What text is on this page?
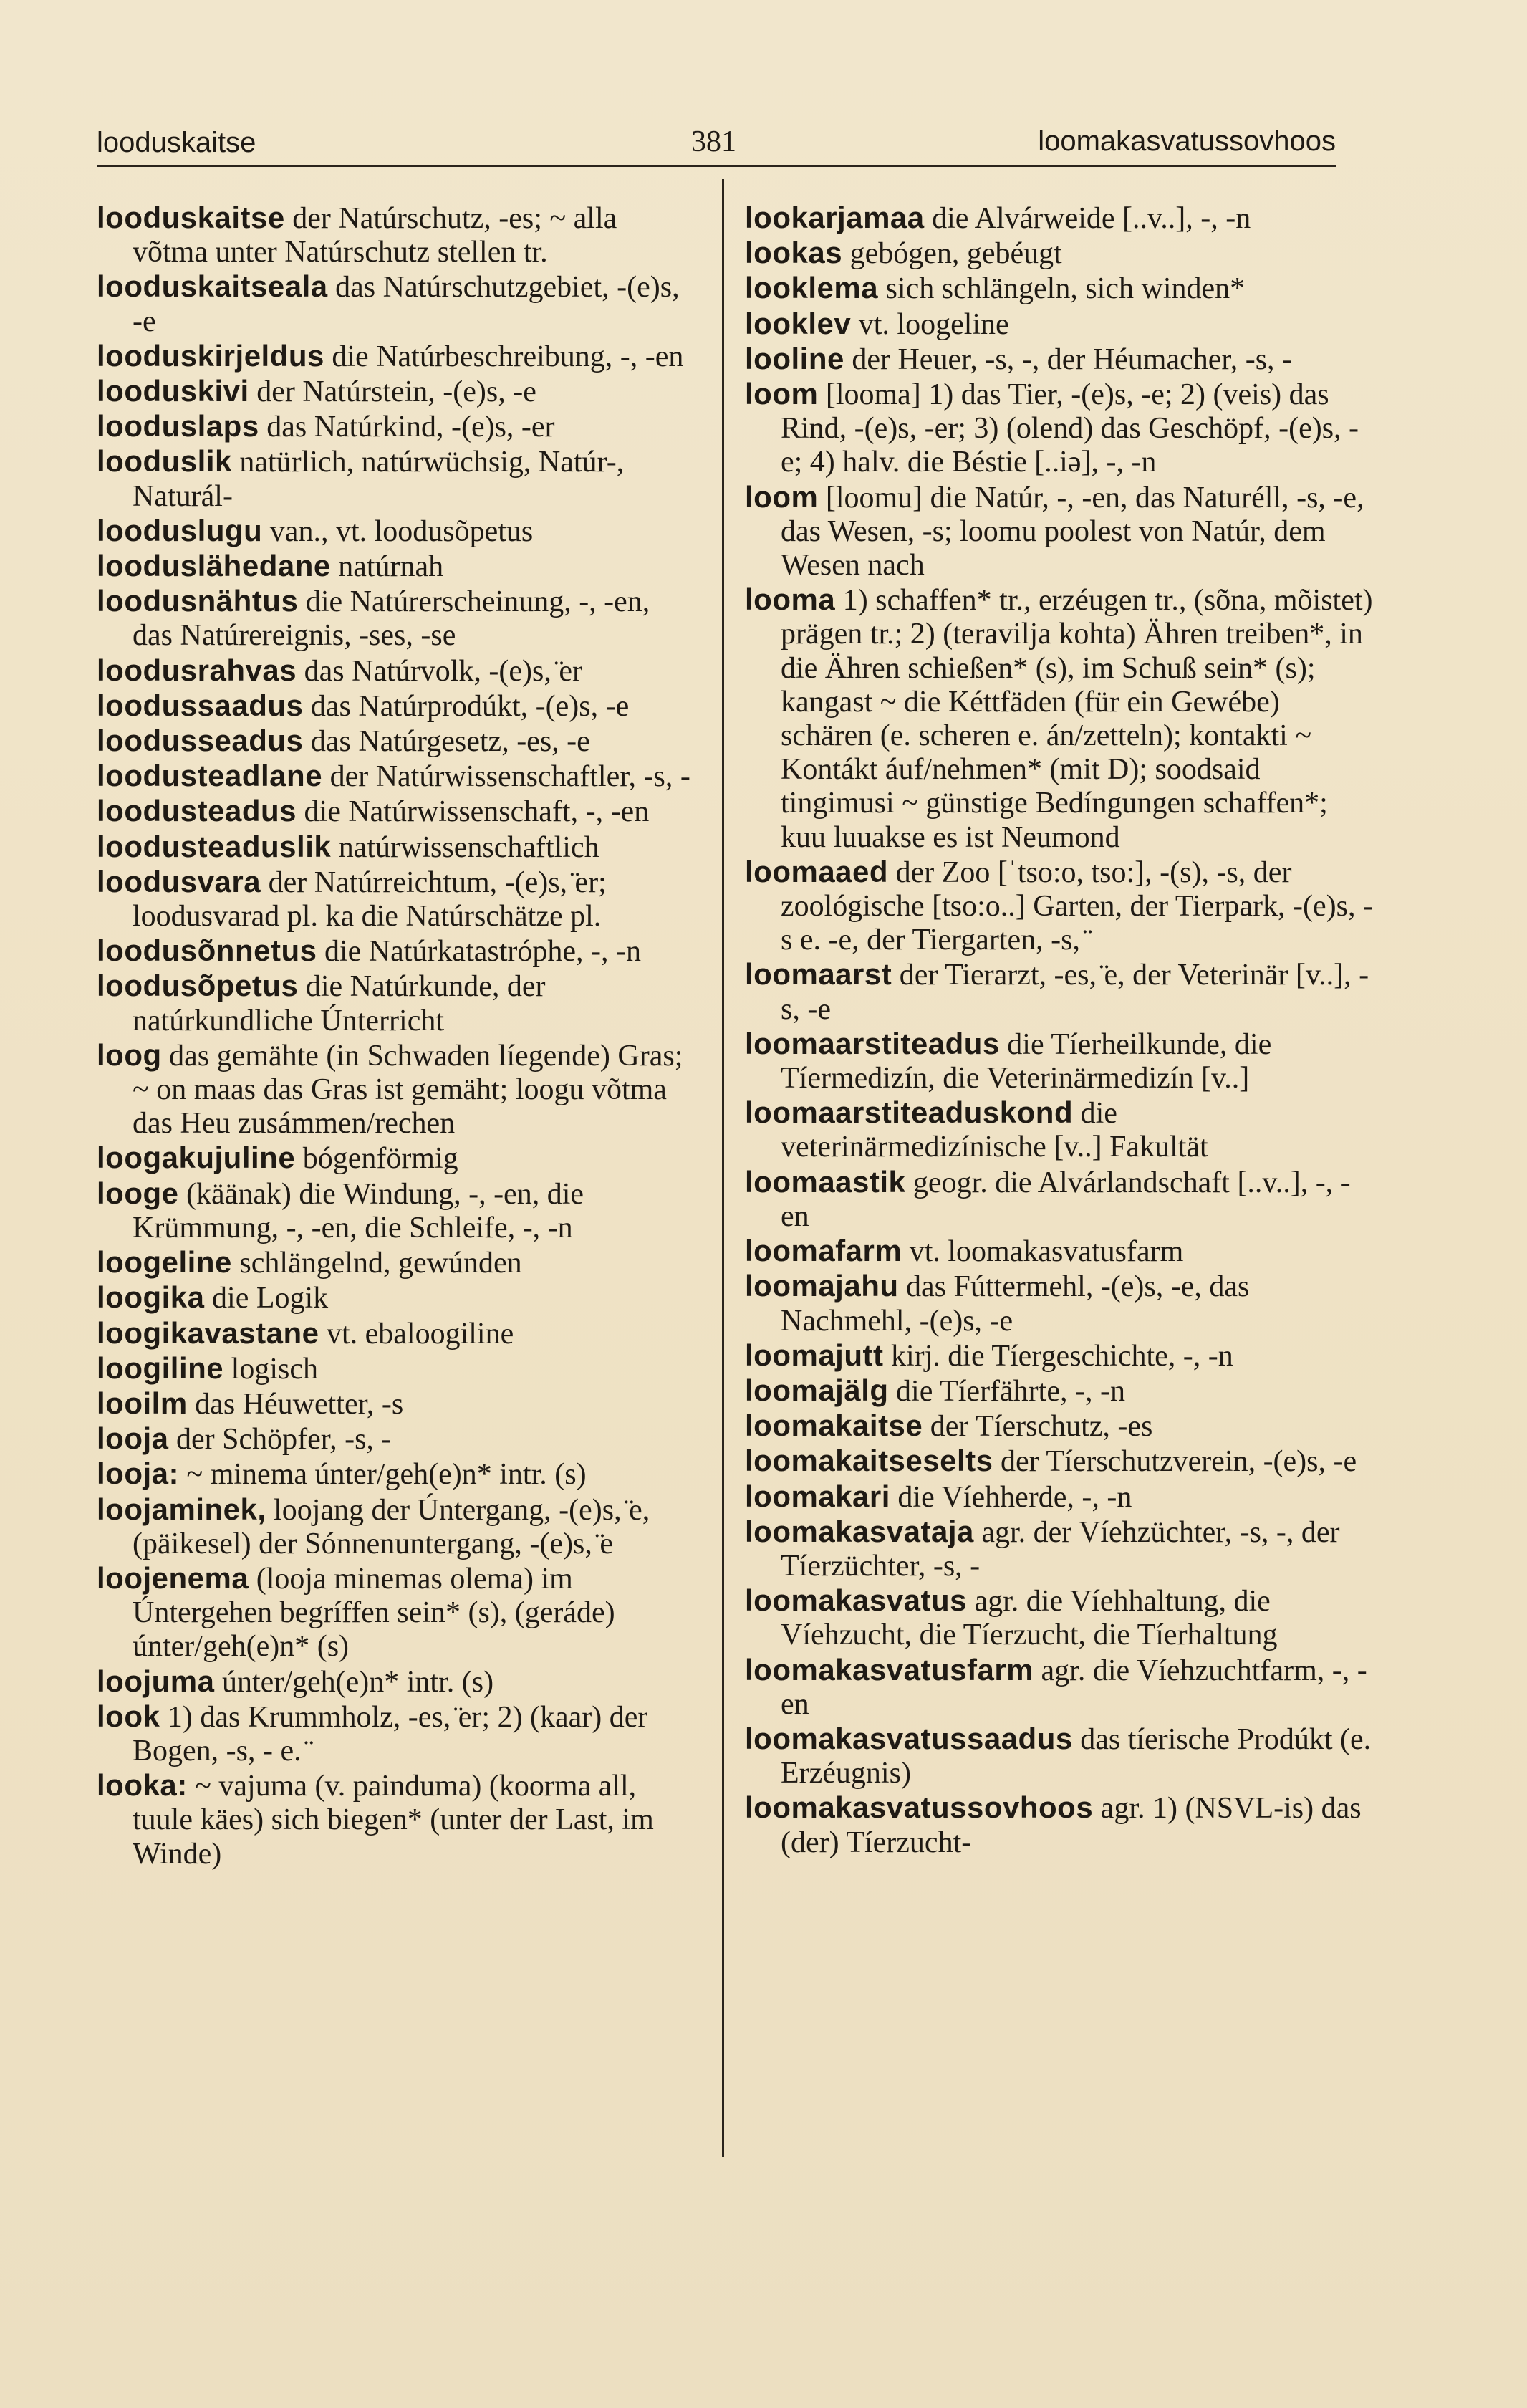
looduskaitse	381	loomakasvatussovhoos
looduskaitse der Natúrschutz, -es; ~ alla võtma unter Natúrschutz stellen tr.
looduskaitseala das Natúrschutzgebiet, -(e)s, -e
looduskirjeldus die Natúrbeschreibung, -, -en
looduskivi der Natúrstein, -(e)s, -e
looduslaps das Natúrkind, -(e)s, -er
looduslik natürlich, natúrwüchsig, Natúr-, Naturál-
looduslugu van., vt. loodusõpetus
looduslähedane natúrnah
loodusnähtus die Natúrerscheinung, -, -en, das Natúrereignis, -ses, -se
loodusrahvas das Natúrvolk, -(e)s, ̈er
loodussaadus das Natúrprodúkt, -(e)s, -e
loodusseadus das Natúrgesetz, -es, -e
loodusteadlane der Natúrwissenschaftler, -s, -
loodusteadus die Natúrwissenschaft, -, -en
loodusteaduslik natúrwissenschaftlich
loodusvara der Natúrreichtum, -(e)s, ̈er; loodusvarad pl. ka die Natúrschätze pl.
loodusõnnetus die Natúrkatastróphe, -, -n
loodusõpetus die Natúrkunde, der natúrkundliche Únterricht
loog das gemähte (in Schwaden líegende) Gras; ~ on maas das Gras ist gemäht; loogu võtma das Heu zusámmen/rechen
loogakujuline bógenförmig
looge (käänak) die Windung, -, -en, die Krümmung, -, -en, die Schleife, -, -n
loogeline schlängelnd, gewúnden
loogika die Logik
loogikavastane vt. ebaloogiline
loogiline logisch
looilm das Héuwetter, -s
looja der Schöpfer, -s, -
looja: ~ minema únter/geh(e)n* intr. (s)
loojaminek, loojang der Úntergang, -(e)s, ̈e, (päikesel) der Sónnenuntergang, -(e)s, ̈e
loojenema (looja minemas olema) im Úntergehen begríffen sein* (s), (geráde) únter/geh(e)n* (s)
loojuma únter/geh(e)n* intr. (s)
look 1) das Krummholz, -es, ̈er; 2) (kaar) der Bogen, -s, - e. ̈
looka: ~ vajuma (v. painduma) (koorma all, tuule käes) sich biegen* (unter der Last, im Winde)
lookarjamaa die Alvárweide [..v..], -, -n
lookas gebógen, gebéugt
looklema sich schlängeln, sich winden*
looklev vt. loogeline
looline der Heuer, -s, -, der Héumacher, -s, -
loom [looma] 1) das Tier, -(e)s, -e; 2) (veis) das Rind, -(e)s, -er; 3) (olend) das Geschöpf, -(e)s, -e; 4) halv. die Béstie [..iə], -, -n
loom [loomu] die Natúr, -, -en, das Naturéll, -s, -e, das Wesen, -s; loomu poolest von Natúr, dem Wesen nach
looma 1) schaffen* tr., erzéugen tr., (sõna, mõistet) prägen tr.; 2) (teravilja kohta) Ähren treiben*, in die Ähren schießen* (s), im Schuß sein* (s); kangast ~ die Kéttfäden (für ein Gewébe) schären (e. scheren e. án/zetteln); kontakti ~ Kontákt áuf/nehmen* (mit D); soodsaid tingimusi ~ günstige Bedíngungen schaffen*; kuu luuakse es ist Neumond
loomaaed der Zoo [ˈtso:o, tso:], -(s), -s, der zoológische [tso:o..] Garten, der Tierpark, -(e)s, -s e. -e, der Tiergarten, -s, ̈
loomaarst der Tierarzt, -es, ̈e, der Veterinär [v..], -s, -e
loomaarstiteadus die Tíerheilkunde, die Tíermedizín, die Veterinärmedizín [v..]
loomaarstiteaduskond die veterinärmedizínische [v..] Fakultät
loomaastik geogr. die Alvárlandschaft [..v..], -, -en
loomafarm vt. loomakasvatusfarm
loomajahu das Fúttermehl, -(e)s, -e, das Nachmehl, -(e)s, -e
loomajutt kirj. die Tíergeschichte, -, -n
loomajälg die Tíerfährte, -, -n
loomakaitse der Tíerschutz, -es
loomakaitseselts der Tíerschutzverein, -(e)s, -e
loomakari die Víehherde, -, -n
loomakasvataja agr. der Víehzüchter, -s, -, der Tíerzüchter, -s, -
loomakasvatus agr. die Víehhaltung, die Víehzucht, die Tíerzucht, die Tíerhaltung
loomakasvatusfarm agr. die Víehzuchtfarm, -, -en
loomakasvatussaadus das tíerische Prodúkt (e. Erzéugnis)
loomakasvatussovhoos agr. 1) (NSVL-is) das (der) Tíerzucht-
